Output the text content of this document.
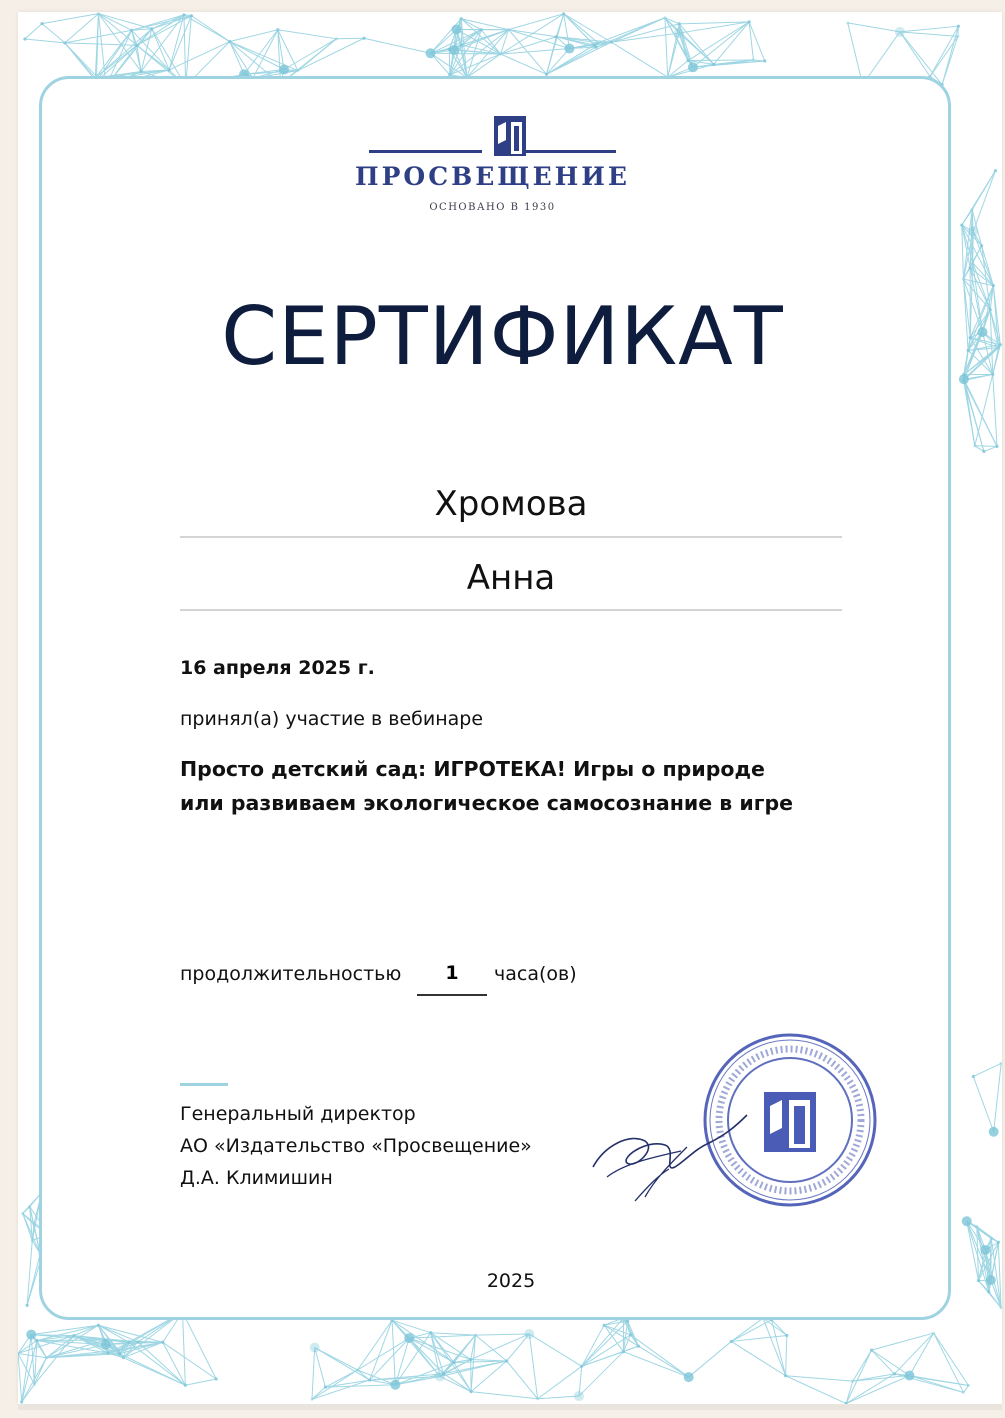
ПРОСВЕЩЕНИЕ
ОСНОВАНО В 1930
СЕРТИФИКАТ
Хромова
Анна
16 апреля 2025 г.
принял(а) участие в вебинаре
Просто детский сад: ИГРОТЕКА! Игры о природе
или развиваем экологическое самосознание в игре
продолжительностью	1	часа(ов)
Генеральный директор
АО «Издательство «Просвещение»
Д.А. Климишин
2025
